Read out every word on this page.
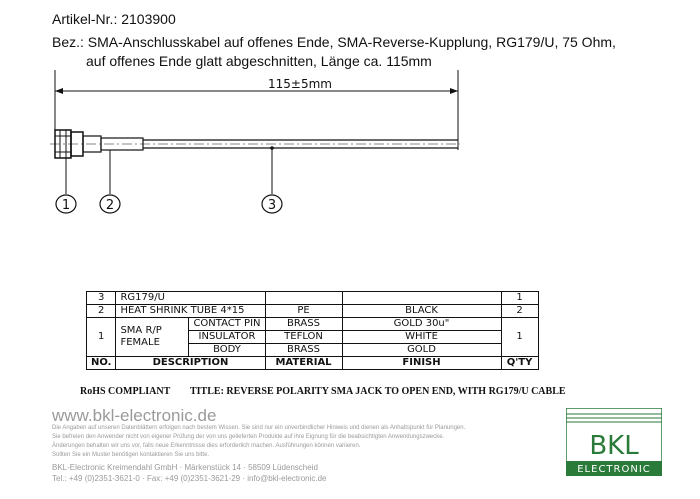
Artikel-Nr.: 2103900
Bez.: SMA-Anschlusskabel auf offenes Ende, SMA-Reverse-Kupplung, RG179/U, 75 Ohm,
auf offenes Ende glatt abgeschnitten, Länge ca. 115mm
115±5mm
1	2	3
3	RG179/U				1
2	HEAT SHRINK TUBE 4*15		PE	BLACK	2
1	SMA R/P FEMALE	CONTACT PIN	BRASS	GOLD 30u"	1
		INSULATOR	TEFLON	WHITE	
		BODY	BRASS	GOLD	
NO.	DESCRIPTION		MATERIAL	FINISH	Q'TY
RoHS COMPLIANT TITLE: REVERSE POLARITY SMA JACK TO OPEN END, WITH RG179/U CABLE
www.bkl-electronic.de
Die Angaben auf unseren Datenblättern erfolgen nach bestem Wissen. Sie sind nur ein unverbindlicher Hinweis und dienen als Anhaltspunkt für Planungen.
Sie befreien den Anwender nicht von eigener Prüfung der von uns gelieferten Produkte auf ihre Eignung für die beabsichtigten Anwendungszwecke.
Änderungen behalten wir uns vor, falls neue Erkenntnisse dies erforderlich machen. Ausführungen können variieren.
Sollten Sie ein Muster benötigen kontaktieren Sie uns bitte.
BKL-Electronic Kreimendahl GmbH · Märkenstück 14 · 58509 Lüdenscheid
Tel.: +49 (0)2351-3621-0 · Fax: +49 (0)2351-3621-29 · info@bkl-electronic.de
BKL
ELECTRONIC
